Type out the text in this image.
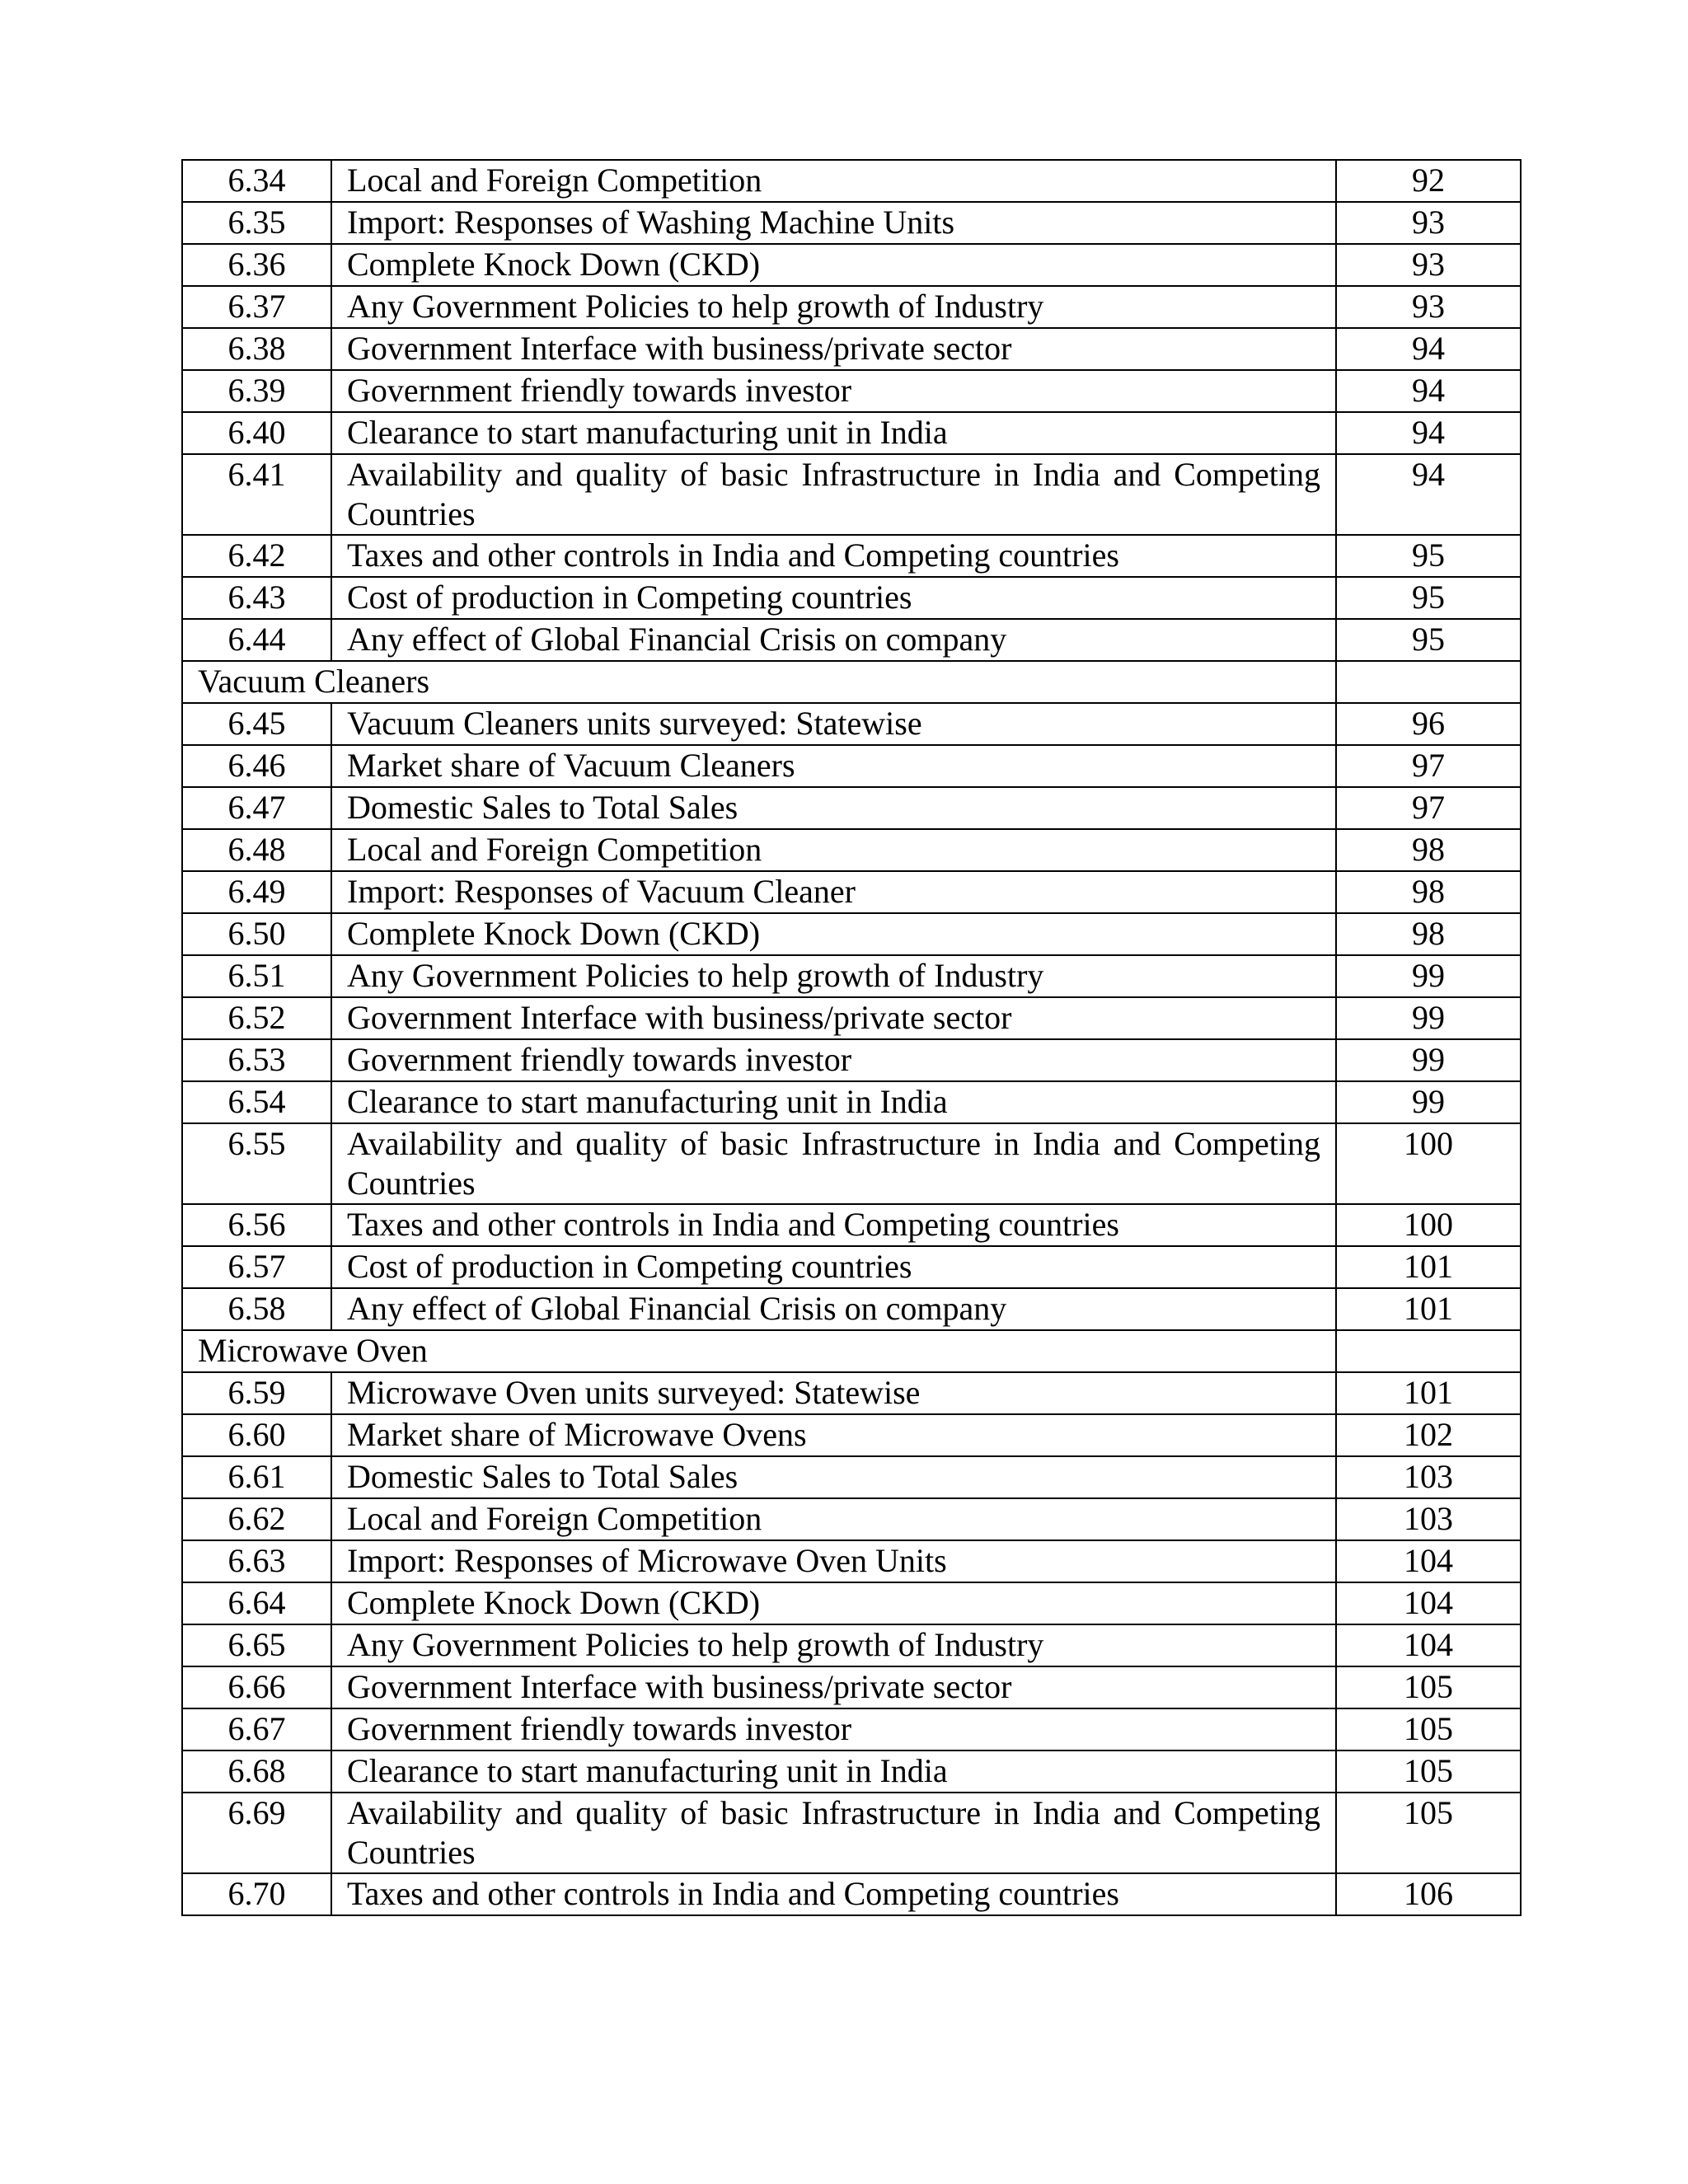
6.34	Local and Foreign Competition	92
6.35	Import: Responses of Washing Machine Units	93
6.36	Complete Knock Down (CKD)	93
6.37	Any Government Policies to help growth of Industry	93
6.38	Government Interface with business/private sector	94
6.39	Government friendly towards investor	94
6.40	Clearance to start manufacturing unit in India	94
6.41	Availability and quality of basic Infrastructure in India and Competing Countries	94
6.42	Taxes and other controls in India and Competing countries	95
6.43	Cost of production in Competing countries	95
6.44	Any effect of Global Financial Crisis on company	95
Vacuum Cleaners		
6.45	Vacuum Cleaners units surveyed: Statewise	96
6.46	Market share of Vacuum Cleaners	97
6.47	Domestic Sales to Total Sales	97
6.48	Local and Foreign Competition	98
6.49	Import: Responses of Vacuum Cleaner	98
6.50	Complete Knock Down (CKD)	98
6.51	Any Government Policies to help growth of Industry	99
6.52	Government Interface with business/private sector	99
6.53	Government friendly towards investor	99
6.54	Clearance to start manufacturing unit in India	99
6.55	Availability and quality of basic Infrastructure in India and Competing Countries	100
6.56	Taxes and other controls in India and Competing countries	100
6.57	Cost of production in Competing countries	101
6.58	Any effect of Global Financial Crisis on company	101
Microwave Oven		
6.59	Microwave Oven units surveyed: Statewise	101
6.60	Market share of Microwave Ovens	102
6.61	Domestic Sales to Total Sales	103
6.62	Local and Foreign Competition	103
6.63	Import: Responses of Microwave Oven Units	104
6.64	Complete Knock Down (CKD)	104
6.65	Any Government Policies to help growth of Industry	104
6.66	Government Interface with business/private sector	105
6.67	Government friendly towards investor	105
6.68	Clearance to start manufacturing unit in India	105
6.69	Availability and quality of basic Infrastructure in India and Competing Countries	105
6.70	Taxes and other controls in India and Competing countries	106
